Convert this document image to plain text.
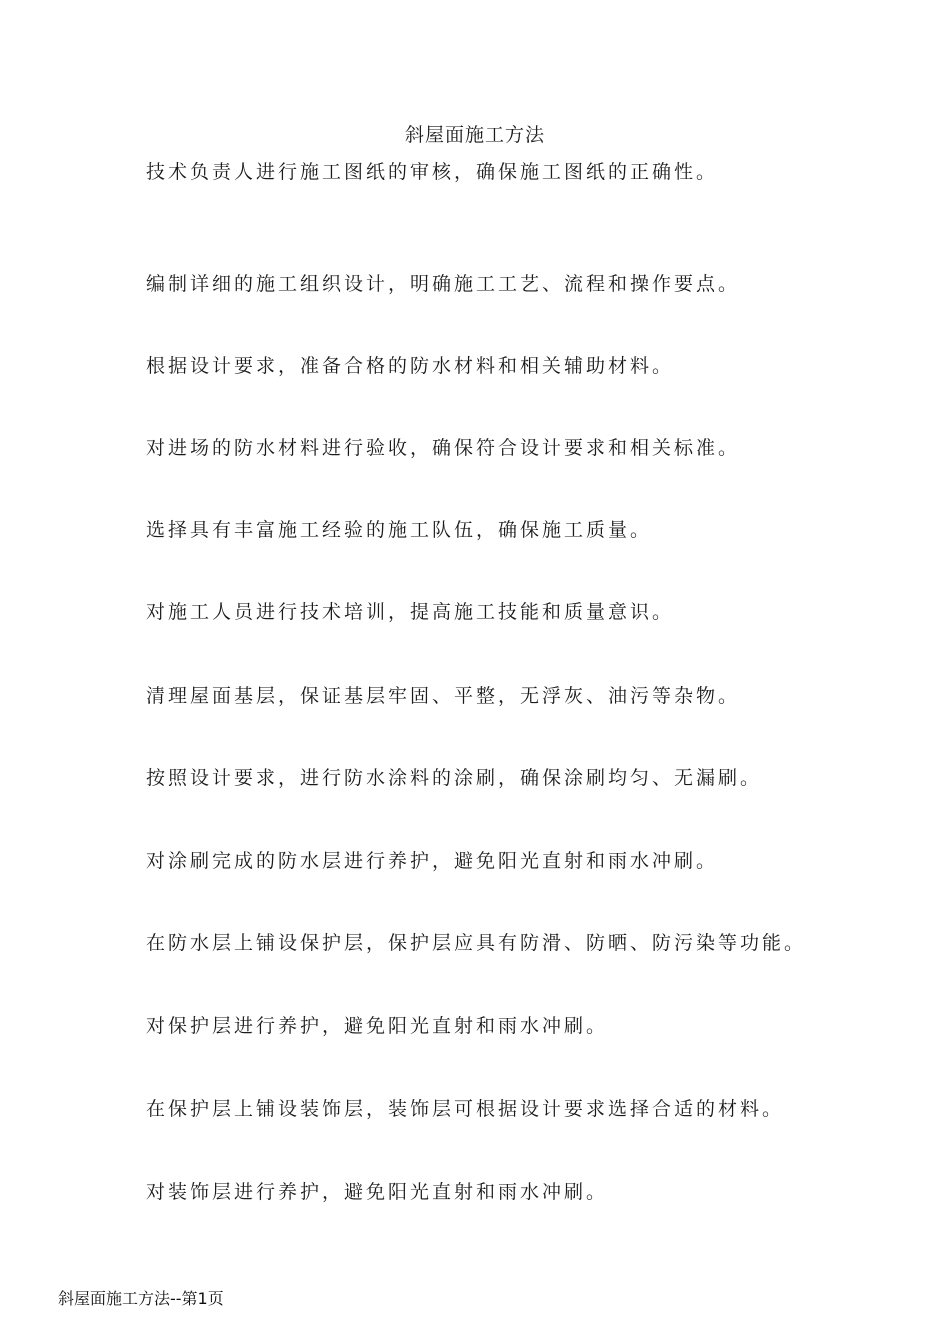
斜屋面施工方法
技术负责人进行施工图纸的审核，确保施工图纸的正确性。
编制详细的施工组织设计，明确施工工艺、流程和操作要点。
根据设计要求，准备合格的防水材料和相关辅助材料。
对进场的防水材料进行验收，确保符合设计要求和相关标准。
选择具有丰富施工经验的施工队伍，确保施工质量。
对施工人员进行技术培训，提高施工技能和质量意识。
清理屋面基层，保证基层牢固、平整，无浮灰、油污等杂物。
按照设计要求，进行防水涂料的涂刷，确保涂刷均匀、无漏刷。
对涂刷完成的防水层进行养护，避免阳光直射和雨水冲刷。
在防水层上铺设保护层，保护层应具有防滑、防晒、防污染等功能。
对保护层进行养护，避免阳光直射和雨水冲刷。
在保护层上铺设装饰层，装饰层可根据设计要求选择合适的材料。
对装饰层进行养护，避免阳光直射和雨水冲刷。
斜屋面施工方法--第1页
